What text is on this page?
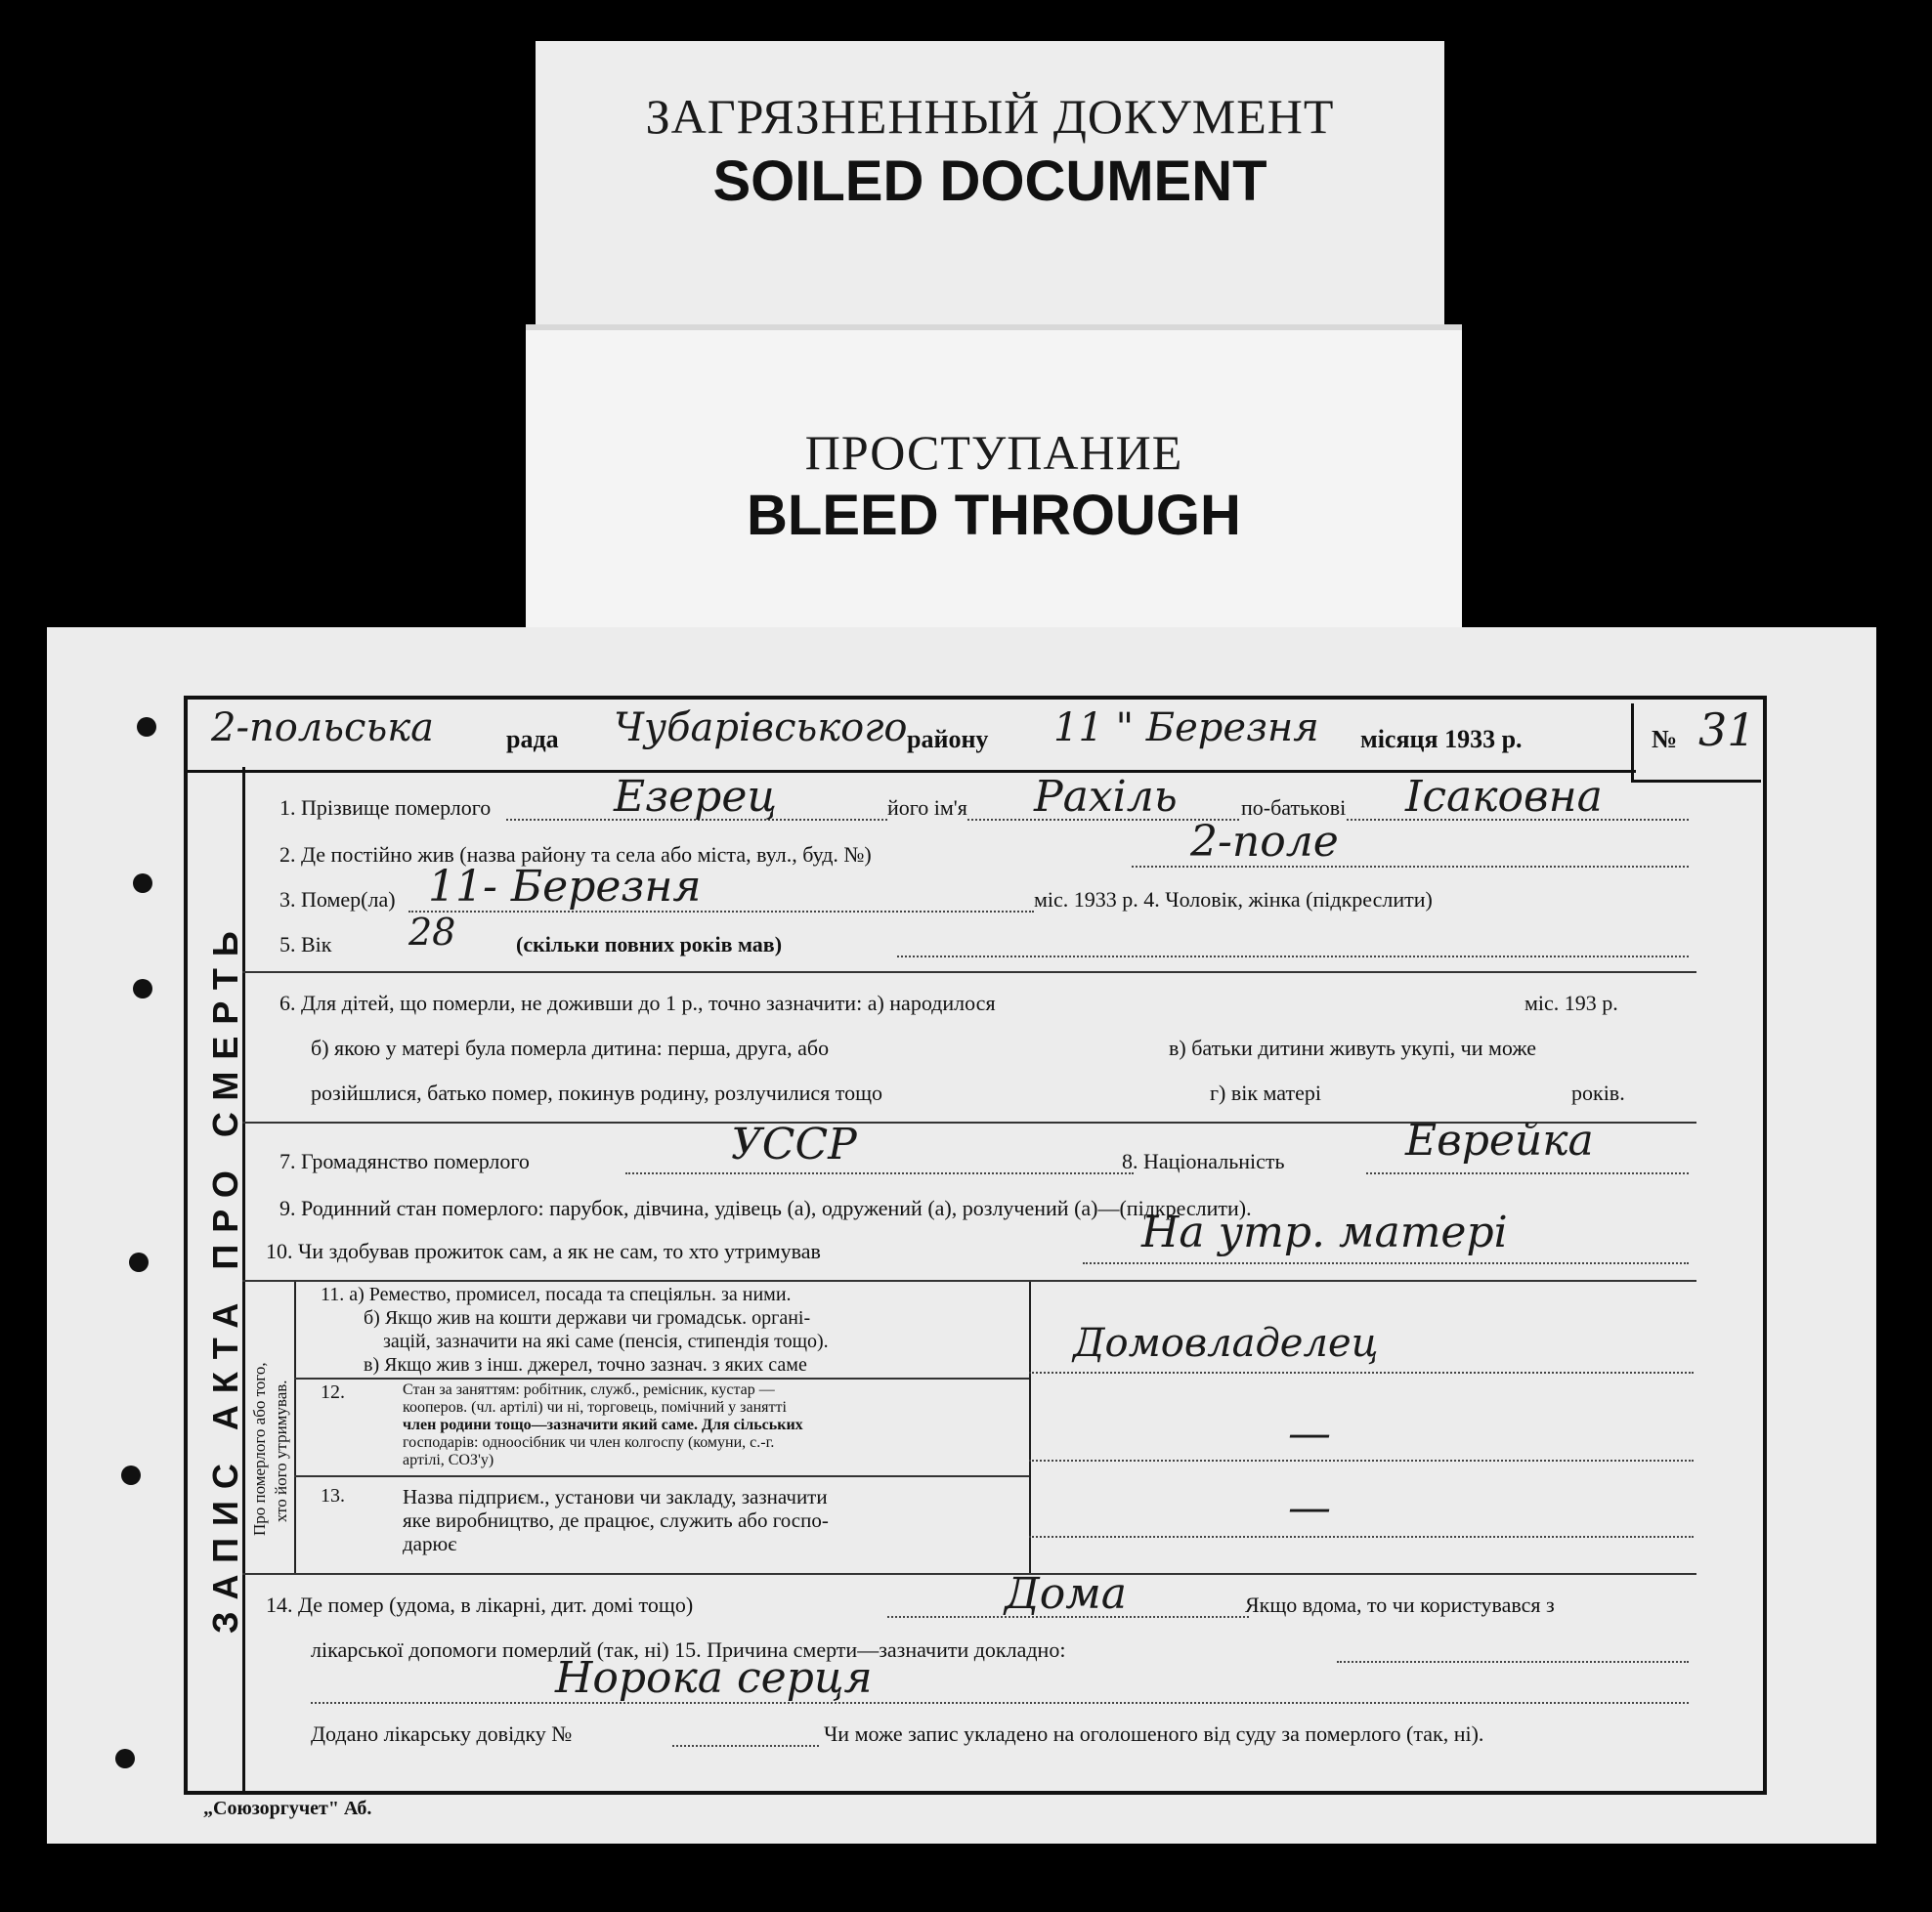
ЗАГРЯЗНЕННЫЙ ДОКУМЕНТ
SOILED DOCUMENT
ПРОСТУПАНИЕ
BLEED THROUGH
2-польська	рада Чубарівського району 11 " Березня місяця 1933 р.	№ 31
ЗАПИС АКТА ПРО СМЕРТЬ
1. Прізвище померлого	Езерец	його ім'я Рахіль	по-батькові Ісаковна
2. Де постійно жив (назва району та села або міста, вул., буд. №)	2-поле
3. Помер(ла) 11- Березня	міс. 1933 р. 4. Чоловік, жінка (підкреслити)
5. Вік 28	(скільки повних років мав)
6. Для дітей, що померли, не доживши до 1 р., точно зазначити: а) народилося	міс. 193 р.
б) якою у матері була померла дитина: перша, друга, або	в) батьки дитини живуть укупі, чи може
розійшлися, батько помер, покинув родину, розлучилися тощо	г) вік матері	років.
7. Громадянство померлого	УССР	8. Національність	Еврейка
9. Родинний стан померлого: парубок, дівчина, удівець (а), одружений (а), розлучений (а)—(підкреслити).
10. Чи здобував прожиток сам, а як не сам, то хто утримував	На утр. матері
Про померлого або того, хто його утримував.
11. а) Ремество, промисел, посада та спеціяльн. за ними.
б) Якщо жив на кошти держави чи громадськ. органі-
зацій, зазначити на які саме (пенсія, стипендія тощо).
в) Якщо жив з інш. джерел, точно зазнач. з яких саме	Домовладелец
12.	Стан за заняттям: робітник, служб., ремісник, кустар —
кооперов. (чл. артілі) чи ні, торговець, помічний у занятті
член родини тощо—зазначити який саме. Для сільських
господарів: одноосібник чи член колгоспу (комуни, с.-г.
артілі, СОЗ'у)
—
13.	Назва підприєм., установи чи закладу, зазначити
яке виробництво, де працює, служить або госпо-
дарює
—
14. Де помер (удома, в лікарні, дит. домі тощо)	Дома	Якщо вдома, то чи користувався з
лікарської допомоги померлий (так, ні) 15. Причина смерти—зазначити докладно:
Норока серця
Додано лікарську довідку №	Чи може запис укладено на оголошеного від суду за померлого (так, ні).
„Союзоргучет" Аб.
